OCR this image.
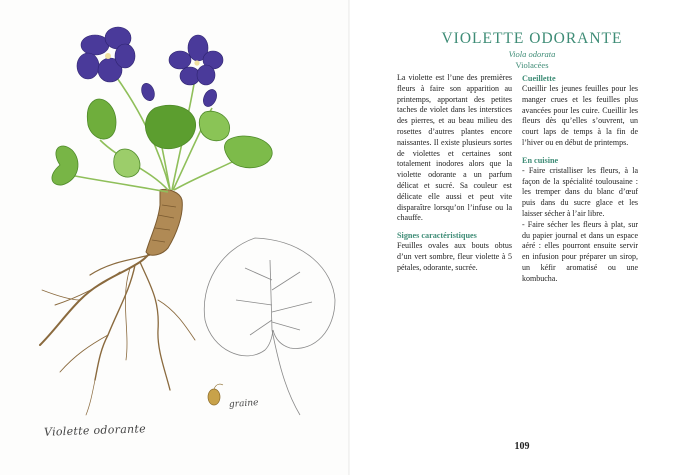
graine
Violette odorante
VIOLETTE ODORANTE
Viola odorata
Violacées

La violette est l’une des premières fleurs à faire son apparition au printemps, apportant des petites taches de violet dans les interstices des pierres, et au beau milieu des rosettes d’autres plantes encore naissantes. Il existe plusieurs sortes de violettes et certaines sont totalement inodores alors que la violette odorante a un parfum délicat et sucré. Sa couleur est délicate elle aussi et peut vite disparaître lorsqu’on l’infuse ou la chauffe.

Signes caractéristiques

Feuilles ovales aux bouts obtus d’un vert sombre, fleur violette à 5 pétales, odorante, sucrée.

Cueillette

Cueillir les jeunes feuilles pour les manger crues et les feuilles plus avancées pour les cuire. Cueillir les fleurs dès qu’elles s’ouvrent, un court laps de temps à la fin de l’hiver ou en début de printemps.

En cuisine

- Faire cristalliser les fleurs, à la façon de la spécialité toulousaine : les tremper dans du blanc d’œuf puis dans du sucre glace et les laisser sécher à l’air libre.

- Faire sécher les fleurs à plat, sur du papier journal et dans un espace aéré : elles pourront ensuite servir en infusion pour préparer un sirop, un kéfir aromatisé ou une kombucha.

109
